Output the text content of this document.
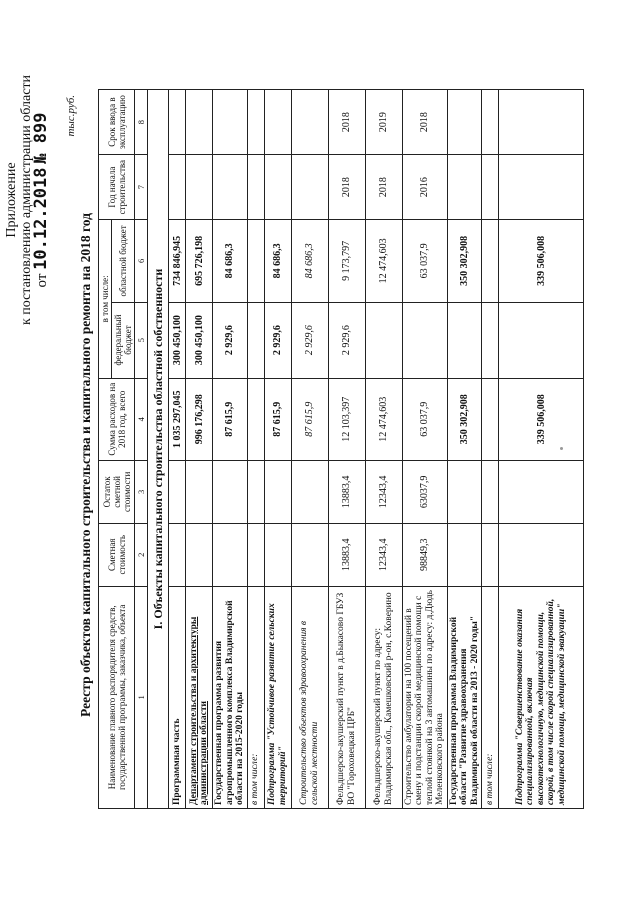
Приложение к постановлению администрации области от 10.12.2018 № 899 тыс.руб.
Реестр объектов капитального строительства и капитального ремонта на 2018 год Наименование главного распорядителя средств, государственной программы, заказчика, объекта	Сметная стоимость	Остаток сметной стоимости	Сумма расходов на 2018 год, всего	в том числе:		Год начала строительства	Срок ввода в эксплуатацию
				федеральный бюджет	областной бюджет		
1	2	3	4	5	6	7	8
I. Объекты капитального строительства областной собственности							
Программная часть			1 035 297,045	300 450,100	734 846,945		
Департамент строительства и архитектуры администрации области			996 176,298	300 450,100	695 726,198		
Государственная программа развития агропромышленного комплекса Владимирской области на 2015-2020 годы			87 615,9	2 929,6	84 686,3		
в том числе:							
Подпрограмма "Устойчивое развитие сельских территорий"			87 615,9	2 929,6	84 686,3		
Строительство объектов здравоохранения в сельской местности			87 615,9	2 929,6	84 686,3		
Фельдшерско-акушерский пункт в д.Быкасово ГБУЗ ВО "Гороховецкая ЦРБ"	13883,4	13883,4	12 103,397	2 929,6	9 173,797	2018	2018
Фельдшерско-акушерский пункт по адресу: Владимирская обл., Камешковский р-он, с.Коверино	12343,4	12343,4	12 474,603		12 474,603	2018	2019
Строительство амбулатории на 100 посещений в смену и подстанции скорой медицинской помощи с теплой стоянкой на 3 автомашины по адресу: д.Дюдь Меленковского района	98849,3	63037,9	63 037,9		63 037,9	2016	2018
Государственная программа Владимирской области "Развитие здравоохранения Владимирской области на 2013 - 2020 годы"			350 302,908		350 302,908		
в том числе:							
Подпрограмма "Совершенствование оказания специализированной, включая высокотехнологичную, медицинской помощи, скорой, в том числе скорой специализированной, медицинской помощи, медицинской эвакуации"			339 506,008		339 506,008		
